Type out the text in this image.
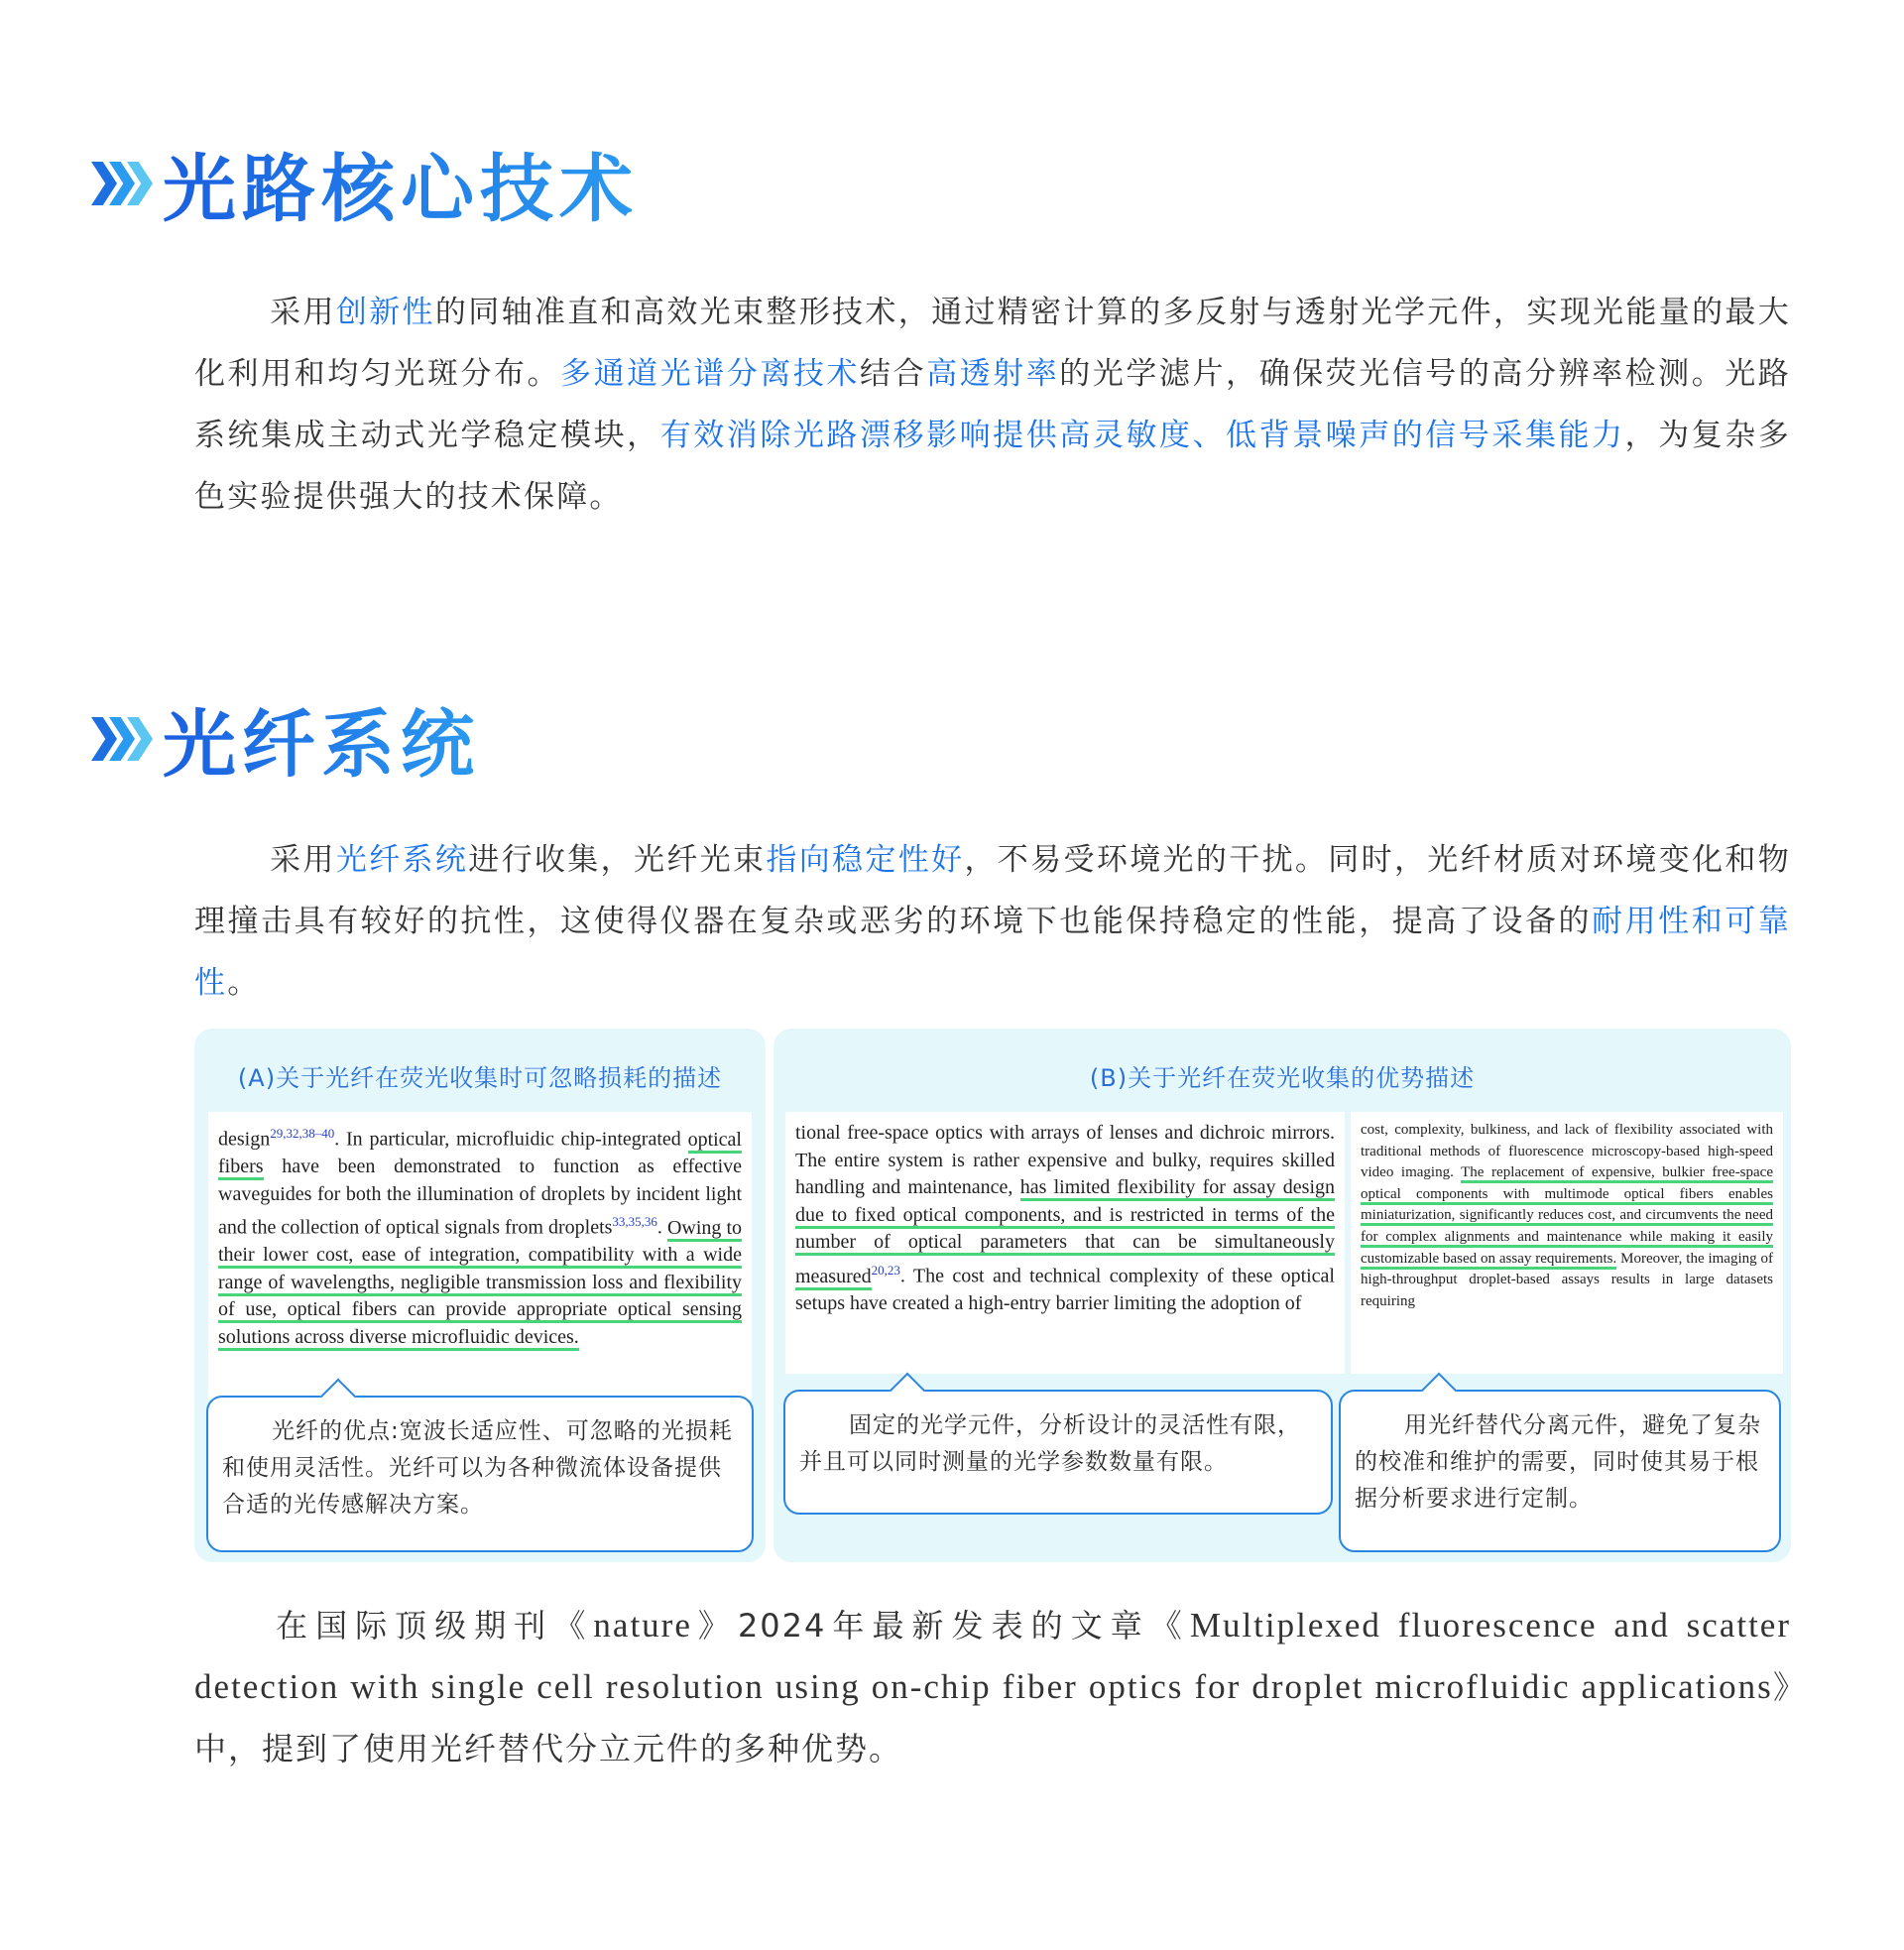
光路核心技术
采用创新性的同轴准直和高效光束整形技术，通过精密计算的多反射与透射光学元件，实现光能量的最大化利用和均匀光斑分布。多通道光谱分离技术结合高透射率的光学滤片，确保荧光信号的高分辨率检测。光路系统集成主动式光学稳定模块，有效消除光路漂移影响提供高灵敏度、低背景噪声的信号采集能力，为复杂多色实验提供强大的技术保障。
光纤系统
采用光纤系统进行收集，光纤光束指向稳定性好，不易受环境光的干扰。同时，光纤材质对环境变化和物理撞击具有较好的抗性，这使得仪器在复杂或恶劣的环境下也能保持稳定的性能，提高了设备的耐用性和可靠性。
(A)关于光纤在荧光收集时可忽略损耗的描述
design$^{29,32,38-40}$. In particular, microfluidic chip-integrated optical fibers have been demonstrated to function as effective waveguides for both the illumination of droplets by incident light and the collection of optical signals from droplets$^{33,35,36}$. Owing to their lower cost, ease of integration, compatibility with a wide range of wavelengths, negligible transmission loss and flexibility of use, optical fibers can provide appropriate optical sensing solutions across diverse microfluidic devices.
光纤的优点:宽波长适应性、可忽略的光损耗和使用灵活性。光纤可以为各种微流体设备提供合适的光传感解决方案。
(B)关于光纤在荧光收集的优势描述
tional free-space optics with arrays of lenses and dichroic mirrors. The entire system is rather expensive and bulky, requires skilled handling and maintenance, has limited flexibility for assay design due to fixed optical components, and is restricted in terms of the number of optical parameters that can be simultaneously measured$^{20,23}$. The cost and technical complexity of these optical setups have created a high-entry barrier limiting the adoption of
cost, complexity, bulkiness, and lack of flexibility associated with traditional methods of fluorescence microscopy-based high-speed video imaging. The replacement of expensive, bulkier free-space optical components with multimode optical fibers enables miniaturization, significantly reduces cost, and circumvents the need for complex alignments and maintenance while making it easily customizable based on assay requirements. Moreover, the imaging of high-throughput droplet-based assays results in large datasets requiring
固定的光学元件，分析设计的灵活性有限，并且可以同时测量的光学参数数量有限。
用光纤替代分离元件，避免了复杂的校准和维护的需要，同时使其易于根据分析要求进行定制。
在国际顶级期刊《nature》2024年最新发表的文章《Multiplexed fluorescence and scatter detection with single cell resolution using on-chip fiber optics for droplet microfluidic applications》中，提到了使用光纤替代分立元件的多种优势。
